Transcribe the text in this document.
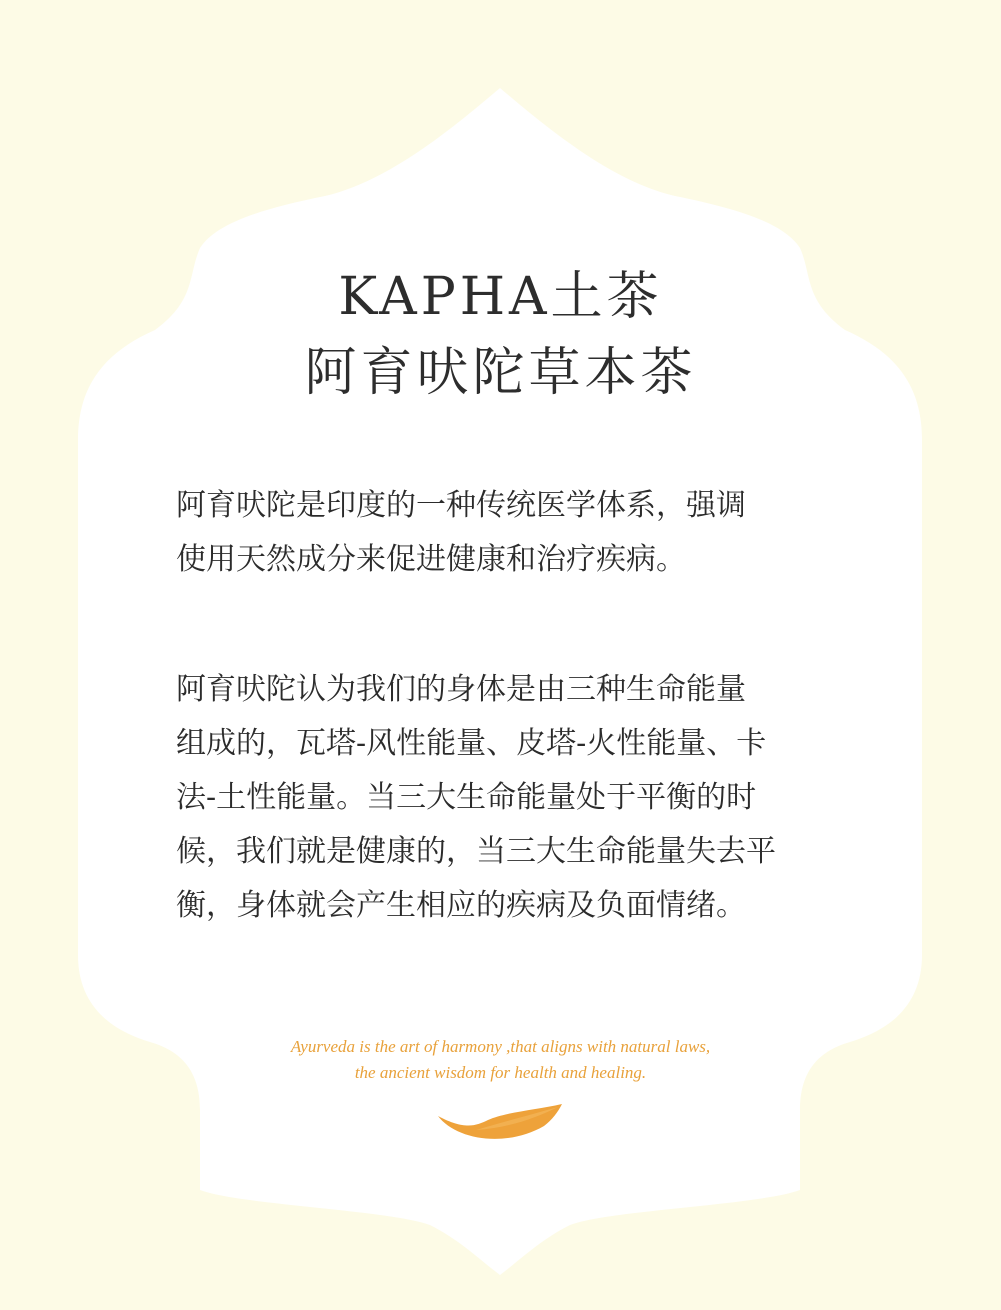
KAPHA土茶
阿育吠陀草本茶

阿育吠陀是印度的一种传统医学体系，强调
使用天然成分来促进健康和治疗疾病。

阿育吠陀认为我们的身体是由三种生命能量
组成的，瓦塔-风性能量、皮塔-火性能量、卡
法-土性能量。当三大生命能量处于平衡的时
候，我们就是健康的，当三大生命能量失去平
衡，身体就会产生相应的疾病及负面情绪。

Ayurveda is the art of harmony ,that aligns with natural laws,
the ancient wisdom for health and healing.
